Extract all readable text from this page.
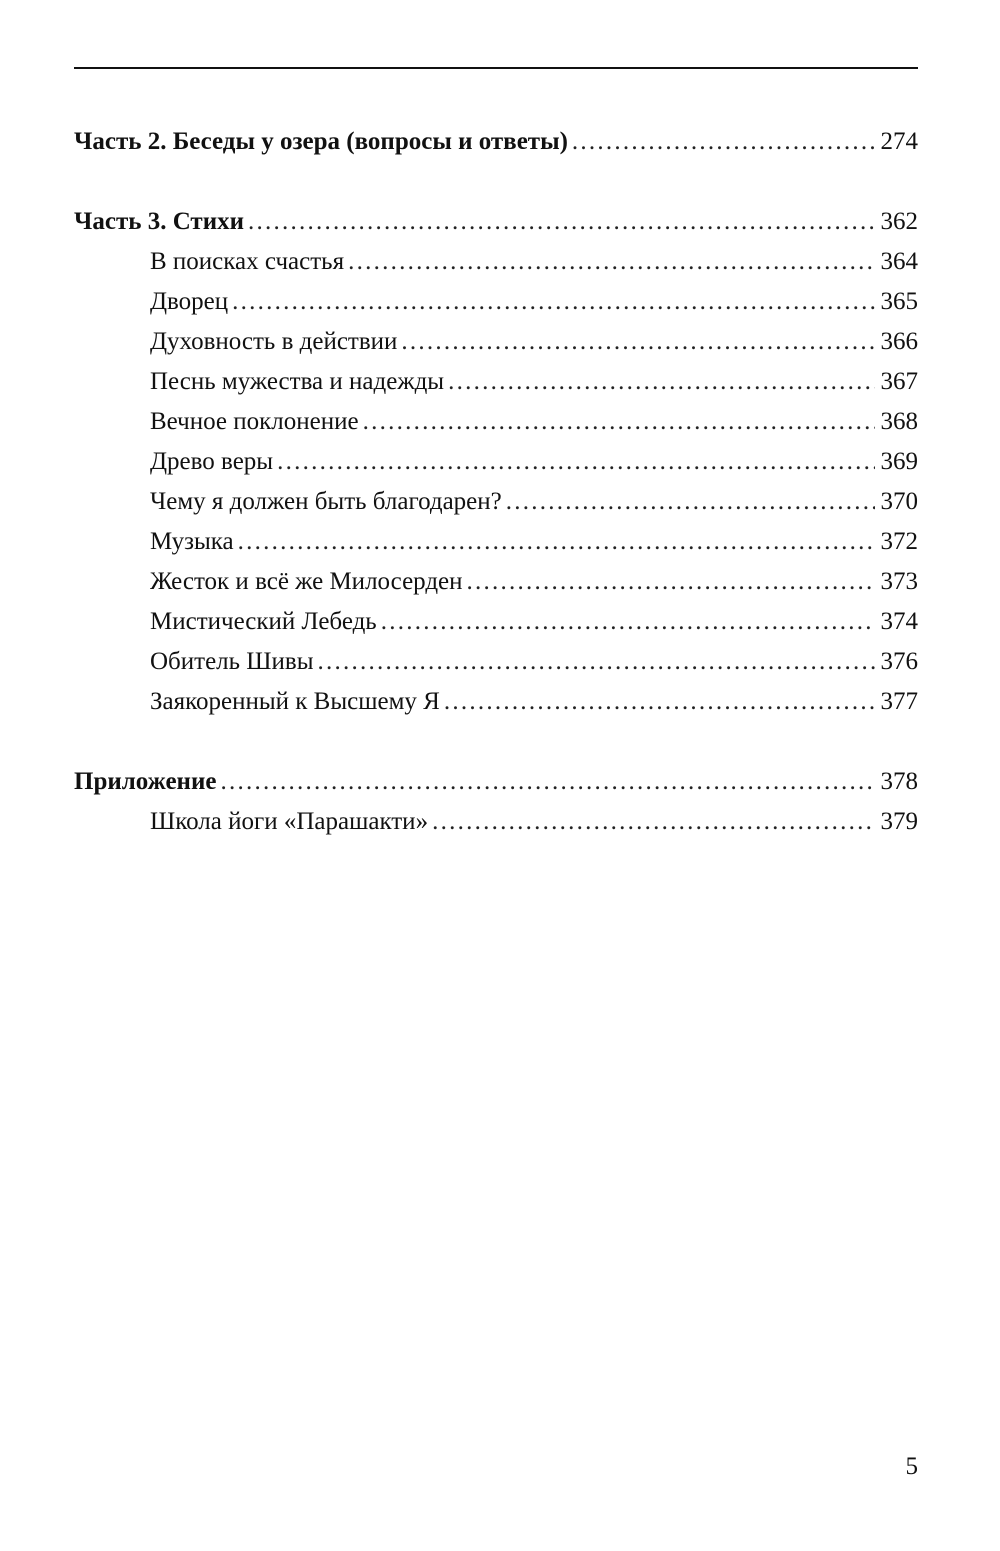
Часть 2. Беседы у озера (вопросы и ответы) . . .	274
Часть 3. Стихи . . .	362
В поисках счастья . . .	364
Дворец . . .	365
Духовность в действии . . .	366
Песнь мужества и надежды . . .	367
Вечное поклонение . . .	368
Древо веры . . .	369
Чему я должен быть благодарен? . . .	370
Музыка . . .	372
Жесток и всё же Милосерден . . .	373
Мистический Лебедь . . .	374
Обитель Шивы . . .	376
Заякоренный к Высшему Я . . .	377
Приложение . . .	378
Школа йоги «Парашакти» . . .	379
5
